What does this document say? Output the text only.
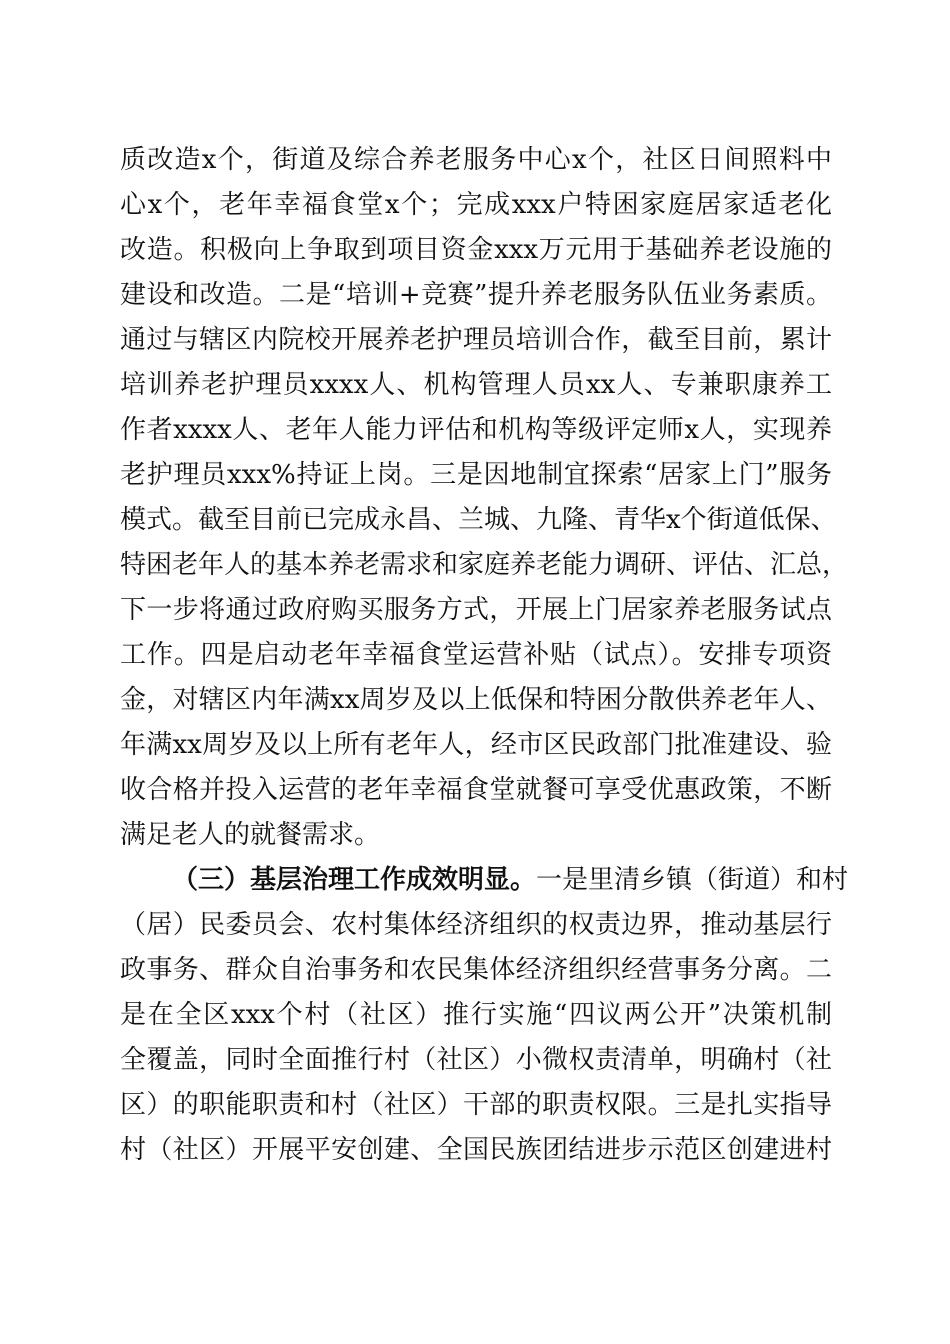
质改造x个，街道及综合养老服务中心x个，社区日间照料中
心x个，老年幸福食堂x个；完成xxx户特困家庭居家适老化
改造。积极向上争取到项目资金xxx万元用于基础养老设施的
建设和改造。二是“培训+竞赛”提升养老服务队伍业务素质。
通过与辖区内院校开展养老护理员培训合作，截至目前，累计
培训养老护理员xxxx人、机构管理人员xx人、专兼职康养工
作者xxxx人、老年人能力评估和机构等级评定师x人，实现养
老护理员xxx%持证上岗。三是因地制宜探索“居家上门”服务
模式。截至目前已完成永昌、兰城、九隆、青华x个街道低保、
特困老年人的基本养老需求和家庭养老能力调研、评估、汇总，
下一步将通过政府购买服务方式，开展上门居家养老服务试点
工作。四是启动老年幸福食堂运营补贴（试点）。安排专项资
金，对辖区内年满xx周岁及以上低保和特困分散供养老年人、
年满xx周岁及以上所有老年人，经市区民政部门批准建设、验
收合格并投入运营的老年幸福食堂就餐可享受优惠政策，不断
满足老人的就餐需求。
（三）基层治理工作成效明显。一是里清乡镇（街道）和村
（居）民委员会、农村集体经济组织的权责边界，推动基层行
政事务、群众自治事务和农民集体经济组织经营事务分离。二
是在全区xxx个村（社区）推行实施“四议两公开”决策机制
全覆盖，同时全面推行村（社区）小微权责清单，明确村（社
区）的职能职责和村（社区）干部的职责权限。三是扎实指导
村（社区）开展平安创建、全国民族团结进步示范区创建进村
